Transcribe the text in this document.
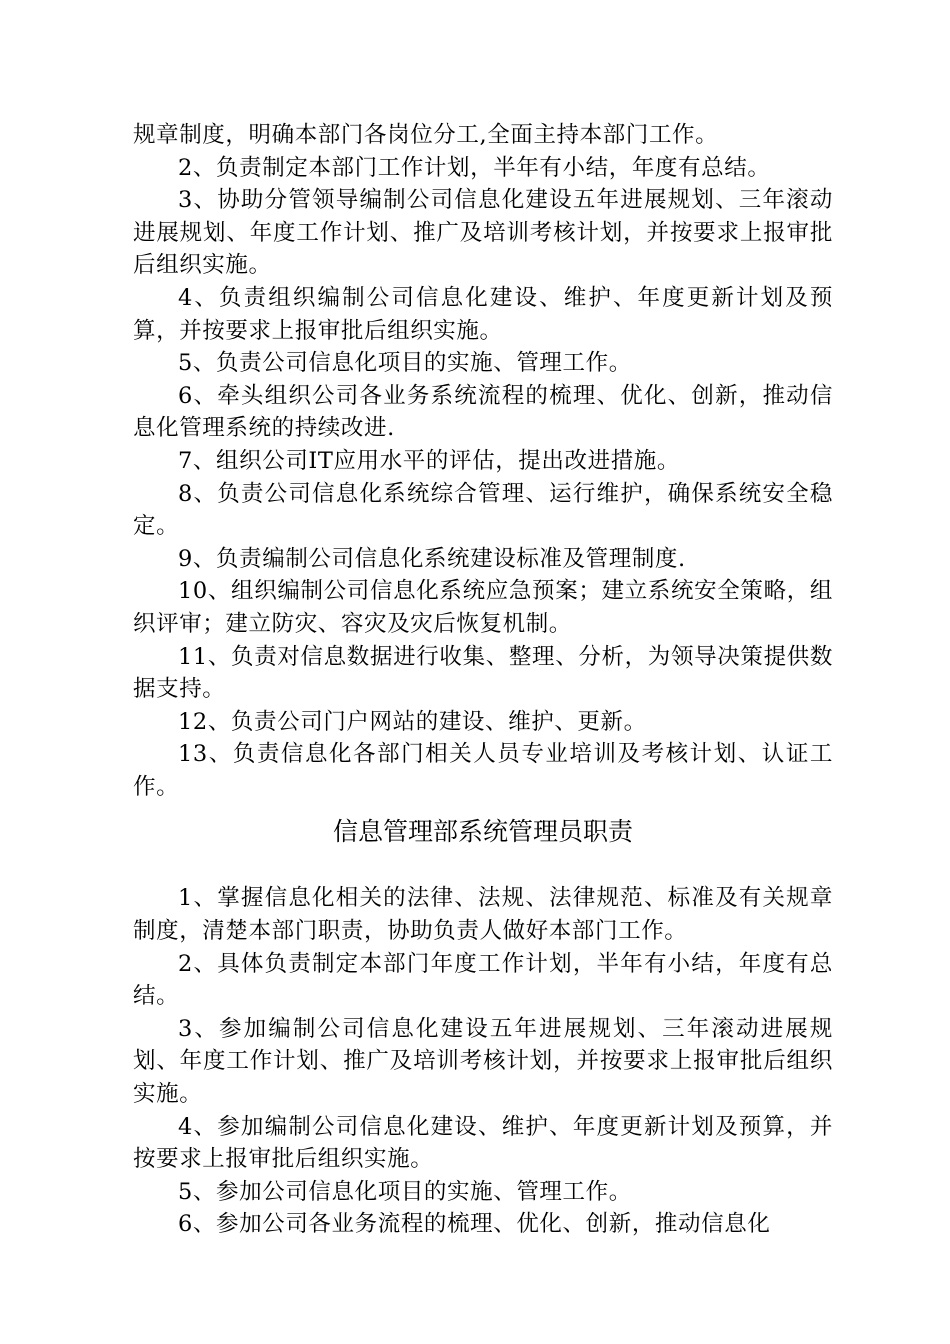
规章制度，明确本部门各岗位分工,全面主持本部门工作。

2、负责制定本部门工作计划，半年有小结，年度有总结。

3、协助分管领导编制公司信息化建设五年进展规划、三年滚动进展规划、年度工作计划、推广及培训考核计划，并按要求上报审批后组织实施。

4、负责组织编制公司信息化建设、维护、年度更新计划及预算，并按要求上报审批后组织实施。

5、负责公司信息化项目的实施、管理工作。

6、牵头组织公司各业务系统流程的梳理、优化、创新，推动信息化管理系统的持续改进.

7、组织公司IT应用水平的评估，提出改进措施。

8、负责公司信息化系统综合管理、运行维护，确保系统安全稳定。

9、负责编制公司信息化系统建设标准及管理制度.

10、组织编制公司信息化系统应急预案；建立系统安全策略，组织评审；建立防灾、容灾及灾后恢复机制。

11、负责对信息数据进行收集、整理、分析，为领导决策提供数据支持。

12、负责公司门户网站的建设、维护、更新。

13、负责信息化各部门相关人员专业培训及考核计划、认证工作。

信息管理部系统管理员职责

1、掌握信息化相关的法律、法规、法律规范、标准及有关规章制度，清楚本部门职责，协助负责人做好本部门工作。

2、具体负责制定本部门年度工作计划，半年有小结，年度有总结。

3、参加编制公司信息化建设五年进展规划、三年滚动进展规划、年度工作计划、推广及培训考核计划，并按要求上报审批后组织实施。

4、参加编制公司信息化建设、维护、年度更新计划及预算，并按要求上报审批后组织实施。

5、参加公司信息化项目的实施、管理工作。

6、参加公司各业务流程的梳理、优化、创新，推动信息化
